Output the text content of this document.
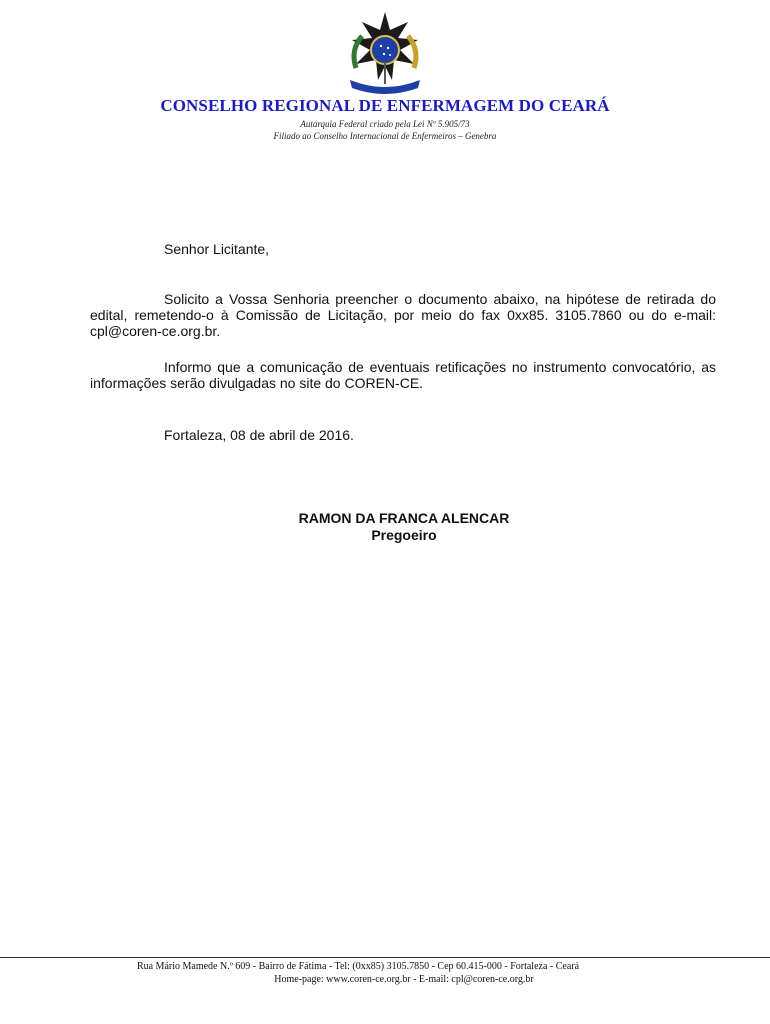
CONSELHO REGIONAL DE ENFERMAGEM DO CEARÁ

Autarquia Federal criado pela Lei Nº 5.905/73

Filiado ao Conselho Internacional de Enfermeiros – Genebra

Senhor Licitante,

Solicito a Vossa Senhoria preencher o documento abaixo, na hipótese de retirada do edital, remetendo-o à Comissão de Licitação, por meio do fax 0xx85. 3105.7860 ou do e-mail: cpl@coren-ce.org.br.

Informo que a comunicação de eventuais retificações no instrumento convocatório, as informações serão divulgadas no site do COREN-CE.

Fortaleza, 08 de abril de 2016.

RAMON DA FRANCA ALENCAR

Pregoeiro

Rua Mário Mamede N.º 609 - Bairro de Fátima - Tel: (0xx85) 3105.7850 - Cep 60.415-000 - Fortaleza - Ceará

Home-page: www.coren-ce.org.br - E-mail: cpl@coren-ce.org.br
